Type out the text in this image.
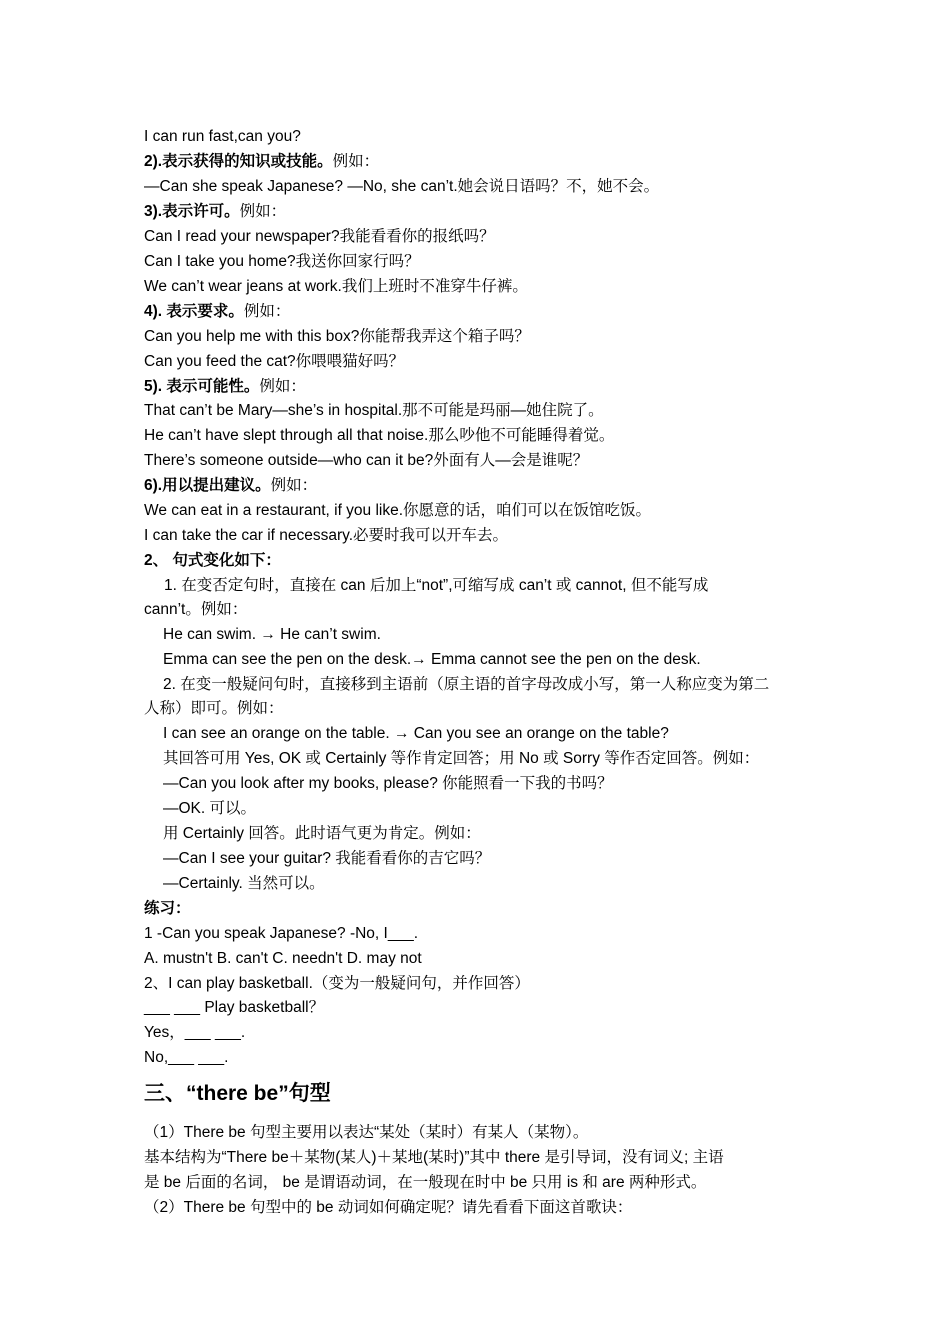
I can run fast,can you?
2).表示获得的知识或技能。例如：
—Can she speak Japanese? —No, she can’t.她会说日语吗？不，她不会。
3).表示许可。例如：
Can I read your newspaper?我能看看你的报纸吗？
Can I take you home?我送你回家行吗？
We can’t wear jeans at work.我们上班时不准穿牛仔裤。
4). 表示要求。例如：
Can you help me with this box?你能帮我弄这个箱子吗？
Can you feed the cat?你喂喂猫好吗？
5). 表示可能性。例如：
That can’t be Mary—she’s in hospital.那不可能是玛丽—她住院了。
He can’t have slept through all that noise.那么吵他不可能睡得着觉。
There’s someone outside—who can it be?外面有人—会是谁呢？
6).用以提出建议。例如：
We can eat in a restaurant, if you like.你愿意的话，咱们可以在饭馆吃饭。
I can take the car if necessary.必要时我可以开车去。
2、 句式变化如下：
1. 在变否定句时，直接在 can 后加上“not”,可缩写成 can’t 或 cannot, 但不能写成
cann’t。例如：
He can swim. → He can’t swim.
Emma can see the pen on the desk.→ Emma cannot see the pen on the desk.
2. 在变一般疑问句时，直接移到主语前（原主语的首字母改成小写，第一人称应变为第二
人称）即可。例如：
I can see an orange on the table. → Can you see an orange on the table?
其回答可用 Yes, OK 或 Certainly 等作肯定回答；用 No 或 Sorry 等作否定回答。例如：
—Can you look after my books, please? 你能照看一下我的书吗？
—OK. 可以。
用 Certainly 回答。此时语气更为肯定。例如：
—Can I see your guitar? 我能看看你的吉它吗？
—Certainly. 当然可以。
练习：
1 -Can you speak Japanese? -No, I___.
A. mustn't B. can't C. needn't D. may not
2、I can play basketball.（变为一般疑问句，并作回答）
___ ___ Play basketball？
Yes，___ ___.
No,___ ___.
三、“there be”句型
（1）There be 句型主要用以表达“某处（某时）有某人（某物）。
基本结构为“There be＋某物(某人)＋某地(某时)”其中 there 是引导词，没有词义; 主语
是 be 后面的名词， be 是谓语动词，在一般现在时中 be 只用 is 和 are 两种形式。
（2）There be 句型中的 be 动词如何确定呢？请先看看下面这首歌诀：
